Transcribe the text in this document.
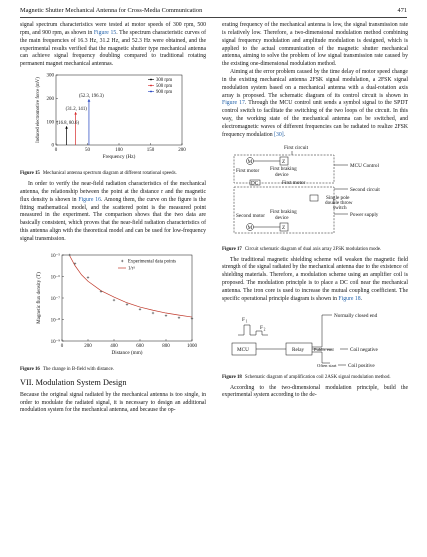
Magnetic Shutter Mechanical Antenna for Cross-Media Communication	471

signal spectrum characteristics were tested at motor speeds of 300 rpm, 500 rpm, and 900 rpm, as shown in Figure 15. The spectrum characteristic curves of the main frequencies of 16.3 Hz, 31.2 Hz, and 52.3 Hz were obtained, and the experimental results verified that the magnetic shutter type mechanical antenna can achieve signal frequency doubling compared to traditional rotating permanent magnet mechanical antennas.

0	50	100	150	200
0
100
200
300
Frequency (Hz)
Induced electromotive force (mV)	(16.8, 80.6)
(31.2, 141)
(52.3, 196.3)
300 rpm
500 rpm
900 rpm
Figure 15 Mechanical antenna spectrum diagram at different rotational speeds.

In order to verify the near-field radiation characteristics of the mechanical antenna, the relationship between the point at the distance r and the magnetic flux density is shown in Figure 16. Among them, the curve on the figure is the fitting mathematical model, and the scattered point is the measured point measured in the experiment. The comparison shows that the two data are basically consistent, which proves that the near-field radiation characteristics of this antenna align with the theoretical model and can be used for low-frequency signal transmission.

0	200	400	600	800	1000
10⁻⁵
10⁻⁶
10⁻⁷
10⁻⁸
10⁻⁹
Distance (mm)
Magnetic flux density (T)
Experimental data points
1/r³
Figure 16 The change in B-field with distance.
VII. Modulation System Design

Because the original signal radiated by the mechanical antenna is too single, in order to modulate the radiated signal, it is necessary to design an additional modulation system for the mechanical antenna, and because the op-

erating frequency of the mechanical antenna is low, the signal transmission rate is relatively low. Therefore, a two-dimensional modulation method combining signal frequency modulation and amplitude modulation is designed, which is applied to the actual communication of the magnetic shutter mechanical antenna, aiming to solve the problem of low signal transmission rate caused by the existing one-dimensional modulation method.

Aiming at the error problem caused by the time delay of motor speed change in the existing mechanical antenna 2FSK signal modulation, a 2FSK signal modulation system based on a mechanical antenna with a dual-rotation axis array is proposed. The schematic diagram of its control circuit is shown in Figure 17. Through the MCU control unit sends a symbol signal to the SPDT control switch to facilitate the switching of the two loops of the circuit. In this way, the working state of the mechanical antenna can be switched, and electromagnetic waves of different frequencies can be radiated to realize 2FSK frequency modulation [30].

First circuit
M	Z
First motor First braking
device
MCU Control
DC	First motor
Second circuit
Single pole
double throw
switch
Power supply
Second motor
First braking
device
M	Z
Figure 17 Circuit schematic diagram of dual axis array 2FSK modulation mode.

The traditional magnetic shielding scheme will weaken the magnetic field strength of the signal radiated by the mechanical antenna due to the existence of shielding materials. Therefore, a modulation scheme using an amplifier coil is proposed. The modulation principle is to place a DC coil near the mechanical antenna. The iron core is used to increase the mutual coupling coefficient. The specific operational principle diagram is shown in Figure 18.

F 1
F 2
MCU	Relay
Normally closed end
Public end	Coil negative
Often start Coil positive
Figure 18 Schematic diagram of amplification coil 2ASK signal modulation method.

According to the two-dimensional modulation principle, build the experimental system according to the de-
